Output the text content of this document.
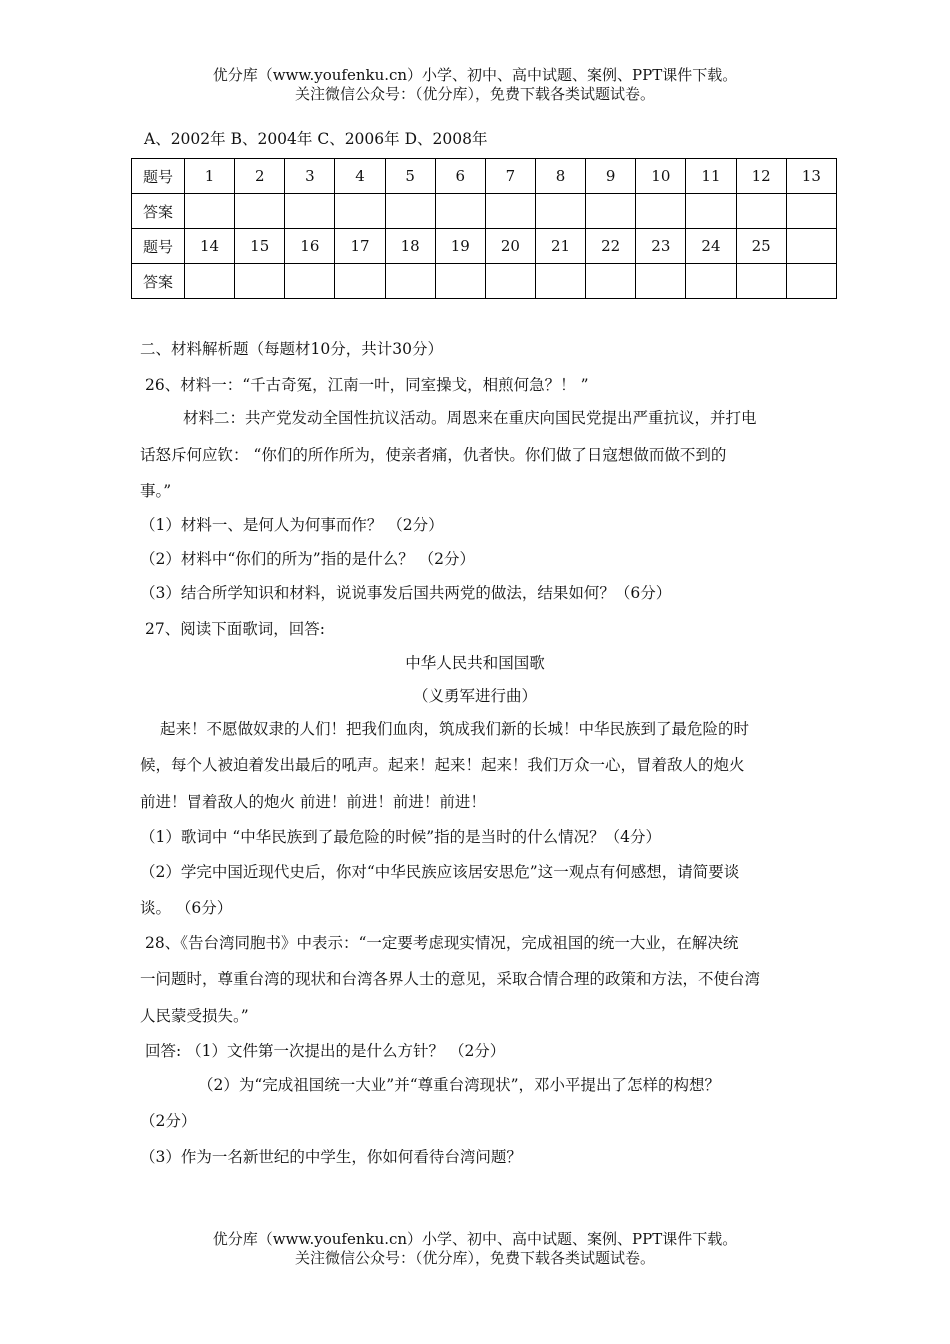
优分库（www.youfenku.cn）小学、初中、高中试题、案例、PPT课件下载。
关注微信公众号：（优分库），免费下载各类试题试卷。
A、2002年 B、2004年 C、2006年 D、2008年
题号	1	2	3	4	5	6	7	8	9	10	11	12	13
答案													
题号	14	15	16	17	18	19	20	21	22	23	24	25	
答案													
二、材料解析题（每题材10分，共计30分）
26、材料一：“千古奇冤，江南一叶，同室操戈，相煎何急？！ ”
材料二：共产党发动全国性抗议活动。周恩来在重庆向国民党提出严重抗议，并打电
话怒斥何应钦： “你们的所作所为，使亲者痛，仇者快。你们做了日寇想做而做不到的
事。”
（1）材料一、是何人为何事而作？ （2分）
（2）材料中“你们的所为”指的是什么？ （2分）
（3）结合所学知识和材料，说说事发后国共两党的做法，结果如何？（6分）
27、阅读下面歌词，回答:
中华人民共和国国歌
（义勇军进行曲）
起来！不愿做奴隶的人们！把我们血肉，筑成我们新的长城！中华民族到了最危险的时
候，每个人被迫着发出最后的吼声。起来！起来！起来！我们万众一心，冒着敌人的炮火
前进！冒着敌人的炮火 前进！前进！前进！前进！
（1）歌词中 “中华民族到了最危险的时候”指的是当时的什么情况？（4分）
（2）学完中国近现代史后，你对“中华民族应该居安思危”这一观点有何感想，请简要谈
谈。 （6分）
28、《告台湾同胞书》中表示：“一定要考虑现实情况，完成祖国的统一大业，在解决统
一问题时，尊重台湾的现状和台湾各界人士的意见，采取合情合理的政策和方法，不使台湾
人民蒙受损失。”
回答: （1）文件第一次提出的是什么方针？ （2分）
（2）为“完成祖国统一大业”并“尊重台湾现状”，邓小平提出了怎样的构想？
（2分）
（3）作为一名新世纪的中学生，你如何看待台湾问题？
优分库（www.youfenku.cn）小学、初中、高中试题、案例、PPT课件下载。
关注微信公众号：（优分库），免费下载各类试题试卷。
